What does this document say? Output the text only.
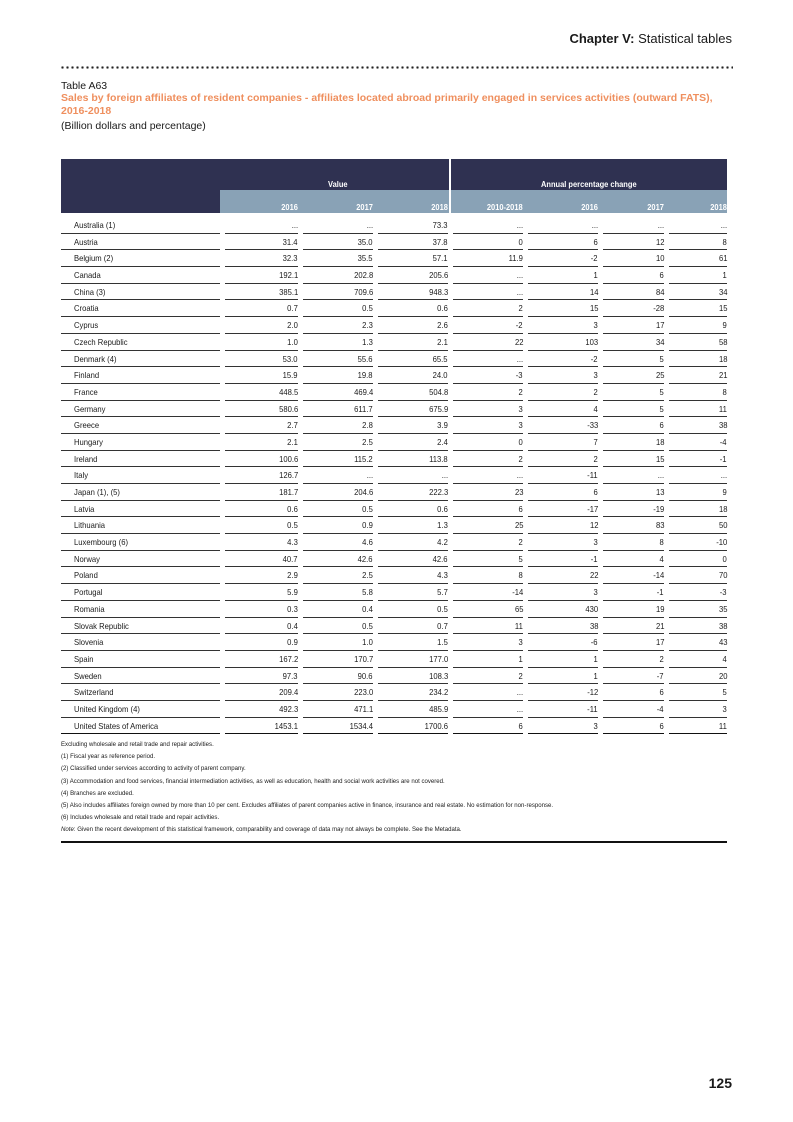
Chapter V: Statistical tables
Table A63
Sales by foreign affiliates of resident companies - affiliates located abroad primarily engaged in services activities (outward FATS), 2016-2018
(Billion dollars and percentage)
Value	Annual percentage change
2016	2017	2018	2010-2018	2016	2017	2018
Australia (1)	...	...	73.3	...	...	...	...
Austria	31.4	35.0	37.8	0	6	12	8
Belgium (2)	32.3	35.5	57.1	11.9	-2	10	61
Canada	192.1	202.8	205.6	...	1	6	1
China (3)	385.1	709.6	948.3	...	14	84	34
Croatia	0.7	0.5	0.6	2	15	-28	15
Cyprus	2.0	2.3	2.6	-2	3	17	9
Czech Republic	1.0	1.3	2.1	22	103	34	58
Denmark (4)	53.0	55.6	65.5	...	-2	5	18
Finland	15.9	19.8	24.0	-3	3	25	21
France	448.5	469.4	504.8	2	2	5	8
Germany	580.6	611.7	675.9	3	4	5	11
Greece	2.7	2.8	3.9	3	-33	6	38
Hungary	2.1	2.5	2.4	0	7	18	-4
Ireland	100.6	115.2	113.8	2	2	15	-1
Italy	126.7	...	...	...	-11	...	...
Japan (1), (5)	181.7	204.6	222.3	23	6	13	9
Latvia	0.6	0.5	0.6	6	-17	-19	18
Lithuania	0.5	0.9	1.3	25	12	83	50
Luxembourg (6)	4.3	4.6	4.2	2	3	8	-10
Norway	40.7	42.6	42.6	5	-1	4	0
Poland	2.9	2.5	4.3	8	22	-14	70
Portugal	5.9	5.8	5.7	-14	3	-1	-3
Romania	0.3	0.4	0.5	65	430	19	35
Slovak Republic	0.4	0.5	0.7	11	38	21	38
Slovenia	0.9	1.0	1.5	3	-6	17	43
Spain	167.2	170.7	177.0	1	1	2	4
Sweden	97.3	90.6	108.3	2	1	-7	20
Switzerland	209.4	223.0	234.2	...	-12	6	5
United Kingdom (4)	492.3	471.1	485.9	...	-11	-4	3
United States of America	1453.1	1534.4	1700.6	6	3	6	11
Excluding wholesale and retail trade and repair activities.
(1) Fiscal year as reference period.
(2) Classified under services according to activity of parent company.
(3) Accommodation and food services, financial intermediation activities, as well as education, health and social work activities are not covered.
(4) Branches are excluded.
(5) Also includes affiliates foreign owned by more than 10 per cent. Excludes affiliates of parent companies active in finance, insurance and real estate. No estimation for non-response.
(6) Includes wholesale and retail trade and repair activities.
Note: Given the recent development of this statistical framework, comparability and coverage of data may not always be complete. See the Metadata.
125
